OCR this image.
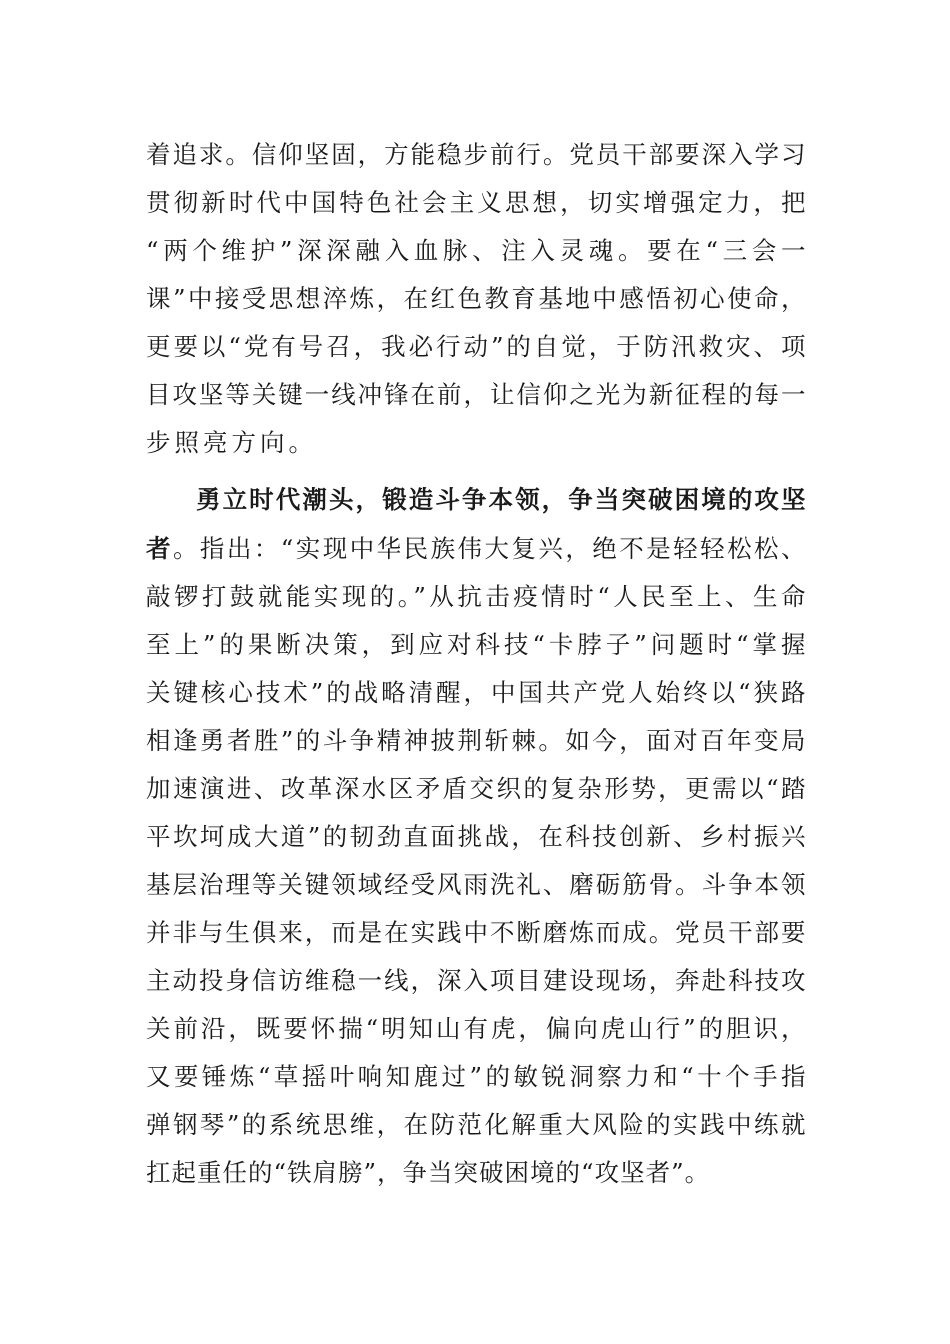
着追求。信仰坚固，方能稳步前行。党员干部要深入学习
贯彻新时代中国特色社会主义思想，切实增强定力，把
“两个维护”深深融入血脉、注入灵魂。要在“三会一
课”中接受思想淬炼，在红色教育基地中感悟初心使命，
更要以“党有号召，我必行动”的自觉，于防汛救灾、项
目攻坚等关键一线冲锋在前，让信仰之光为新征程的每一
步照亮方向。
勇立时代潮头，锻造斗争本领，争当突破困境的攻坚
者。指出：“实现中华民族伟大复兴，绝不是轻轻松松、
敲锣打鼓就能实现的。”从抗击疫情时“人民至上、生命
至上”的果断决策，到应对科技“卡脖子”问题时“掌握
关键核心技术”的战略清醒，中国共产党人始终以“狭路
相逢勇者胜”的斗争精神披荆斩棘。如今，面对百年变局
加速演进、改革深水区矛盾交织的复杂形势，更需以“踏
平坎坷成大道”的韧劲直面挑战，在科技创新、乡村振兴
基层治理等关键领域经受风雨洗礼、磨砺筋骨。斗争本领
并非与生俱来，而是在实践中不断磨炼而成。党员干部要
主动投身信访维稳一线，深入项目建设现场，奔赴科技攻
关前沿，既要怀揣“明知山有虎，偏向虎山行”的胆识，
又要锤炼“草摇叶响知鹿过”的敏锐洞察力和“十个手指
弹钢琴”的系统思维，在防范化解重大风险的实践中练就
扛起重任的“铁肩膀”，争当突破困境的“攻坚者”。
